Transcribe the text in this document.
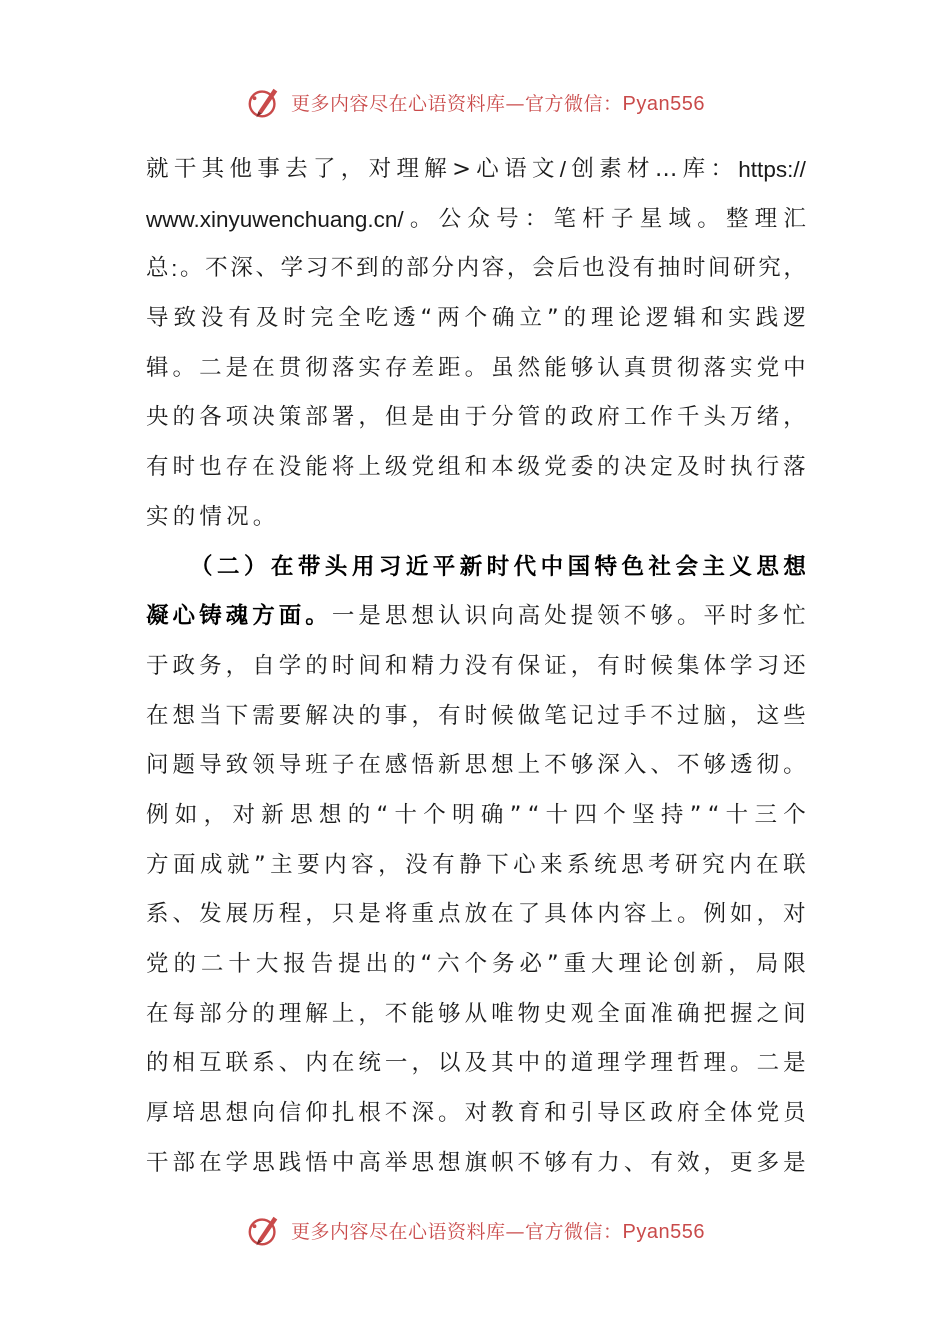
更多内容尽在心语资料库—官方微信：Pyan556
就 干 其 他 事 去 了 ， 对 理 解 > 心 语 文 / 创 素 材 … 库 ： https://
www.xinyuwenchuang.cn/ 。 公 众 号 ： 笔 杆 子 星 域 。 整 理 汇
总 : 。 不 深 、 学 习 不 到 的 部 分 内 容 ， 会 后 也 没 有 抽 时 间 研 究 ，
导 致 没 有 及 时 完 全 吃 透 “ 两 个 确 立 ” 的 理 论 逻 辑 和 实 践 逻
辑 。 二 是 在 贯 彻 落 实 存 差 距 。 虽 然 能 够 认 真 贯 彻 落 实 党 中
央 的 各 项 决 策 部 署 ， 但 是 由 于 分 管 的 政 府 工 作 千 头 万 绪 ，
有 时 也 存 在 没 能 将 上 级 党 组 和 本 级 党 委 的 决 定 及 时 执 行 落
实的情况。
（ 二 ） 在 带 头 用 习 近 平 新 时 代 中 国 特 色 社 会 主 义 思 想
凝 心 铸 魂 方 面 。 一 是 思 想 认 识 向 高 处 提 领 不 够 。 平 时 多 忙
于 政 务 ， 自 学 的 时 间 和 精 力 没 有 保 证 ， 有 时 候 集 体 学 习 还
在 想 当 下 需 要 解 决 的 事 ， 有 时 候 做 笔 记 过 手 不 过 脑 ， 这 些
问 题 导 致 领 导 班 子 在 感 悟 新 思 想 上 不 够 深 入 、 不 够 透 彻 。
例 如 ， 对 新 思 想 的 “ 十 个 明 确 ” “ 十 四 个 坚 持 ” “ 十 三 个
方 面 成 就 ” 主 要 内 容 ， 没 有 静 下 心 来 系 统 思 考 研 究 内 在 联
系 、 发 展 历 程 ， 只 是 将 重 点 放 在 了 具 体 内 容 上 。 例 如 ， 对
党 的 二 十 大 报 告 提 出 的 “ 六 个 务 必 ” 重 大 理 论 创 新 ， 局 限
在 每 部 分 的 理 解 上 ， 不 能 够 从 唯 物 史 观 全 面 准 确 把 握 之 间
的 相 互 联 系 、 内 在 统 一 ， 以 及 其 中 的 道 理 学 理 哲 理 。 二 是
厚 培 思 想 向 信 仰 扎 根 不 深 。 对 教 育 和 引 导 区 政 府 全 体 党 员
干 部 在 学 思 践 悟 中 高 举 思 想 旗 帜 不 够 有 力 、 有 效 ， 更 多 是
更多内容尽在心语资料库—官方微信：Pyan556
